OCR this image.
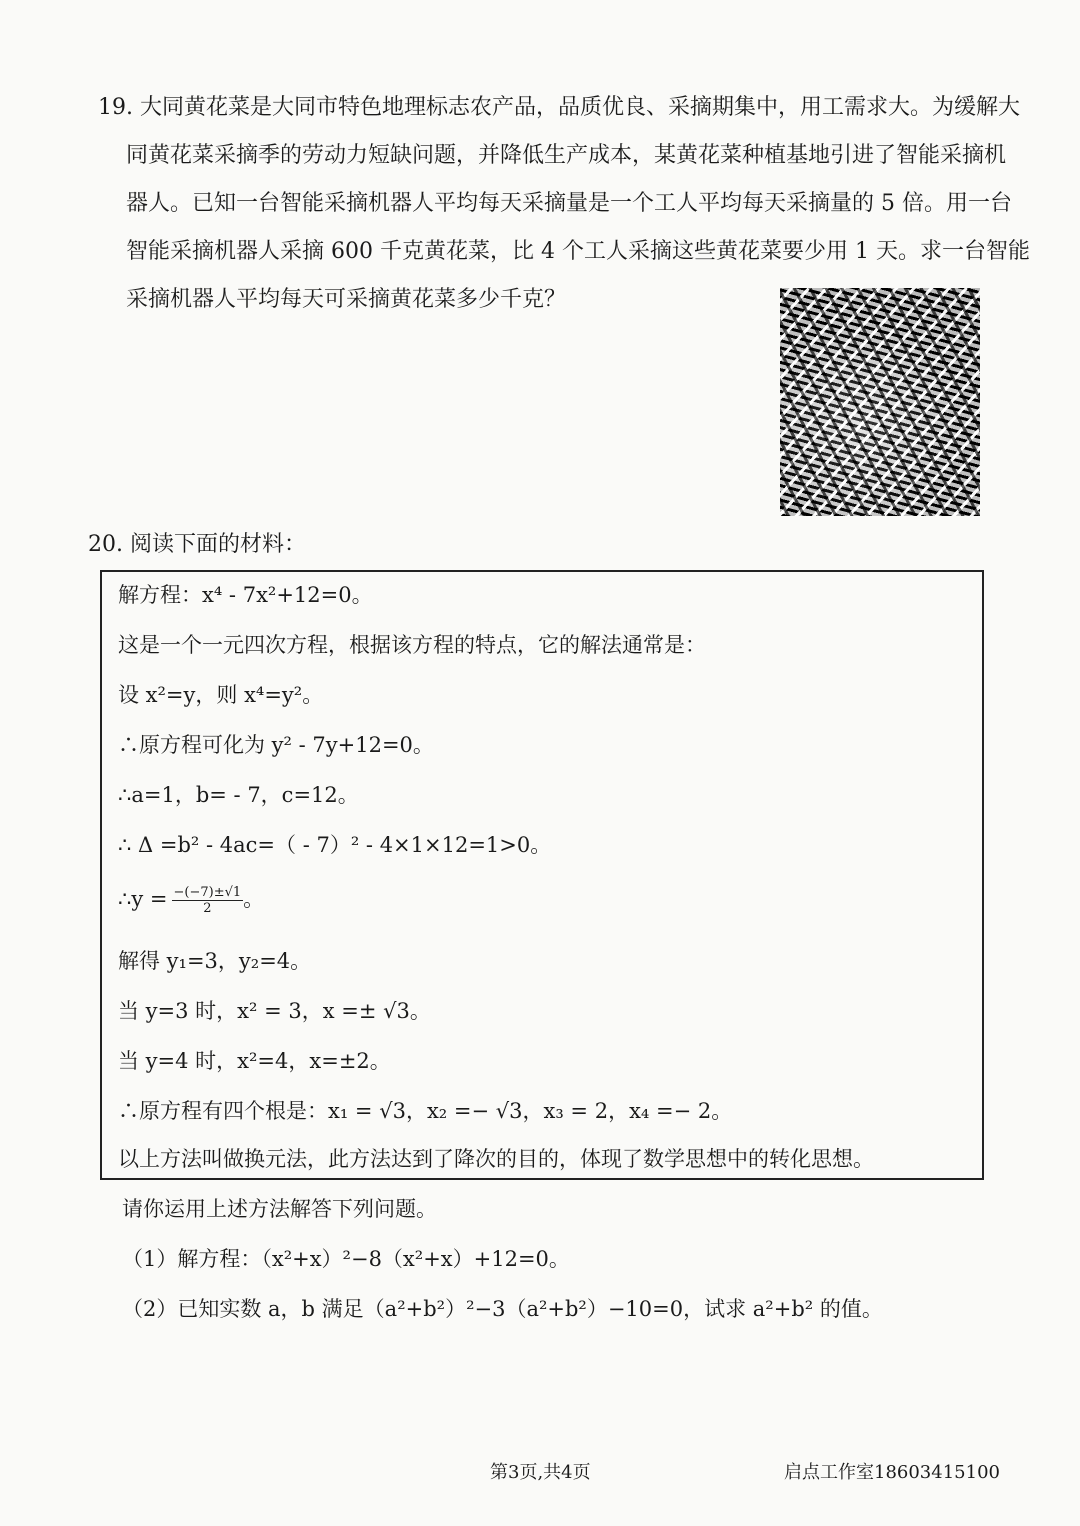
19. 大同黄花菜是大同市特色地理标志农产品，品质优良、采摘期集中，用工需求大。为缓解大
同黄花菜采摘季的劳动力短缺问题，并降低生产成本，某黄花菜种植基地引进了智能采摘机
器人。已知一台智能采摘机器人平均每天采摘量是一个工人平均每天采摘量的 5 倍。用一台
智能采摘机器人采摘 600 千克黄花菜，比 4 个工人采摘这些黄花菜要少用 1 天。求一台智能
采摘机器人平均每天可采摘黄花菜多少千克？
20. 阅读下面的材料：
解方程：x⁴ - 7x²+12=0。
这是一个一元四次方程，根据该方程的特点，它的解法通常是：
设 x²=y，则 x⁴=y²。
∴原方程可化为 y² - 7y+12=0。
∴a=1，b= - 7，c=12。
∴ Δ =b² - 4ac=（ - 7）² - 4×1×12=1>0。
∴y = $\frac{-(-7)\pm√1}{2}$ 。
解得 y₁=3，y₂=4。
当 y=3 时，x² = 3，x =± √3。
当 y=4 时，x²=4，x=±2。
∴原方程有四个根是：x₁ = √3，x₂ =− √3，x₃ = 2，x₄ =− 2。
以上方法叫做换元法，此方法达到了降次的目的，体现了数学思想中的转化思想。
请你运用上述方法解答下列问题。
（1）解方程：（x²+x）²−8（x²+x）+12=0。
（2）已知实数 a，b 满足（a²+b²）²−3（a²+b²）−10=0，试求 a²+b² 的值。
第3页,共4页	启点工作室18603415100
